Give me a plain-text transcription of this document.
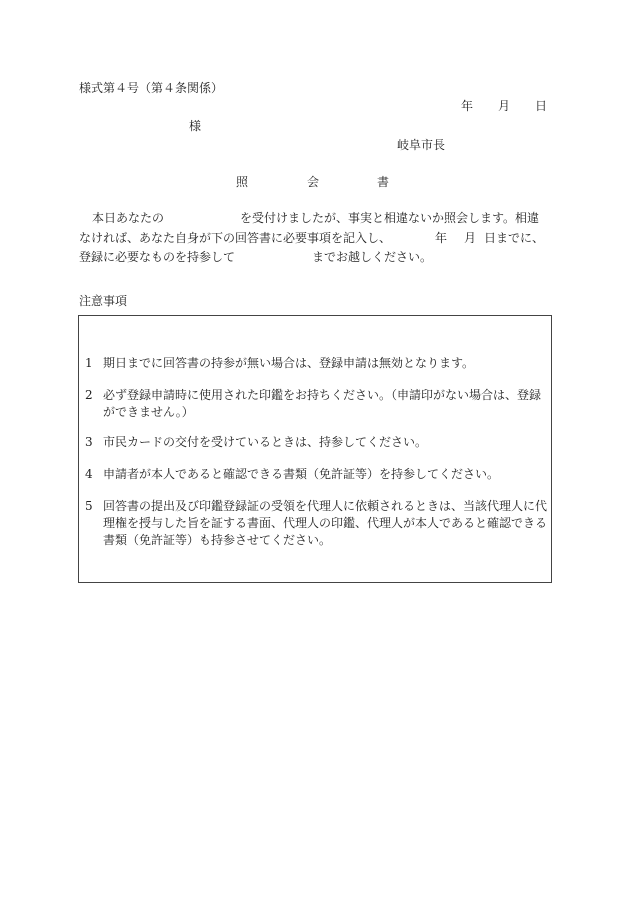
様式第４号（第４条関係）
年 月 日
様
岐阜市長
照	会	書
本日あなたの	を受付けましたが、事実と相違ないか照会します。相違
なければ、あなた自身が下の回答書に必要事項を記入し、	年 月 日までに、
登録に必要なものを持参して	までお越しください。
注意事項
1 期日までに回答書の持参が無い場合は、登録申請は無効となります。
2 必ず登録申請時に使用された印鑑をお持ちください。（申請印がない場合は、登録ができません。）
3 市民カードの交付を受けているときは、持参してください。
4 申請者が本人であると確認できる書類（免許証等）を持参してください。
5 回答書の提出及び印鑑登録証の受領を代理人に依頼されるときは、当該代理人に代理権を授与した旨を証する書面、代理人の印鑑、代理人が本人であると確認できる書類（免許証等）も持参させてください。
